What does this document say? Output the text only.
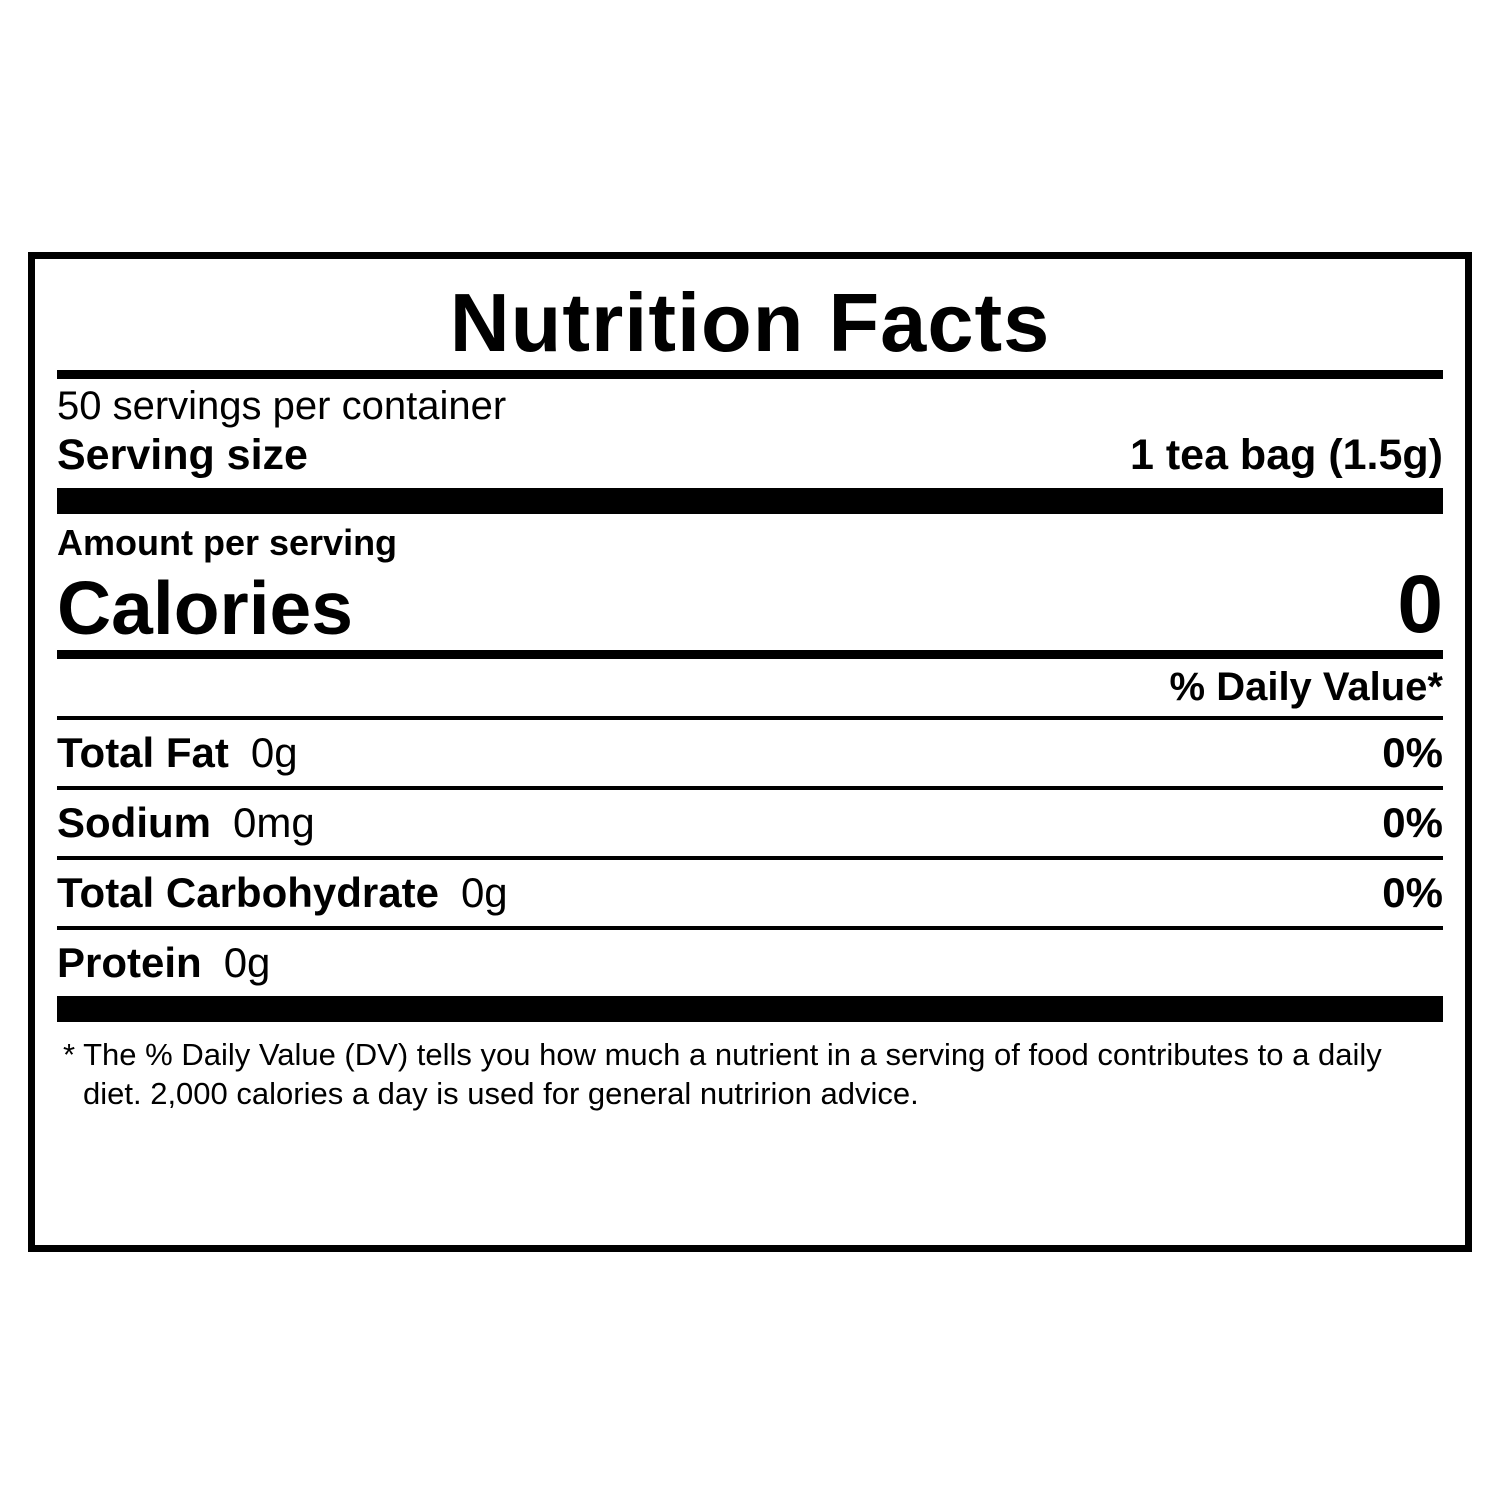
Nutrition Facts
50 servings per container
Serving size	1 tea bag (1.5g)
Amount per serving
Calories	0
% Daily Value*
Total Fat 0g	0%
Sodium 0mg	0%
Total Carbohydrate 0g	0%
Protein 0g
* The % Daily Value (DV) tells you how much a nutrient in a serving of food contributes to a daily diet. 2,000 calories a day is used for general nutririon advice.
